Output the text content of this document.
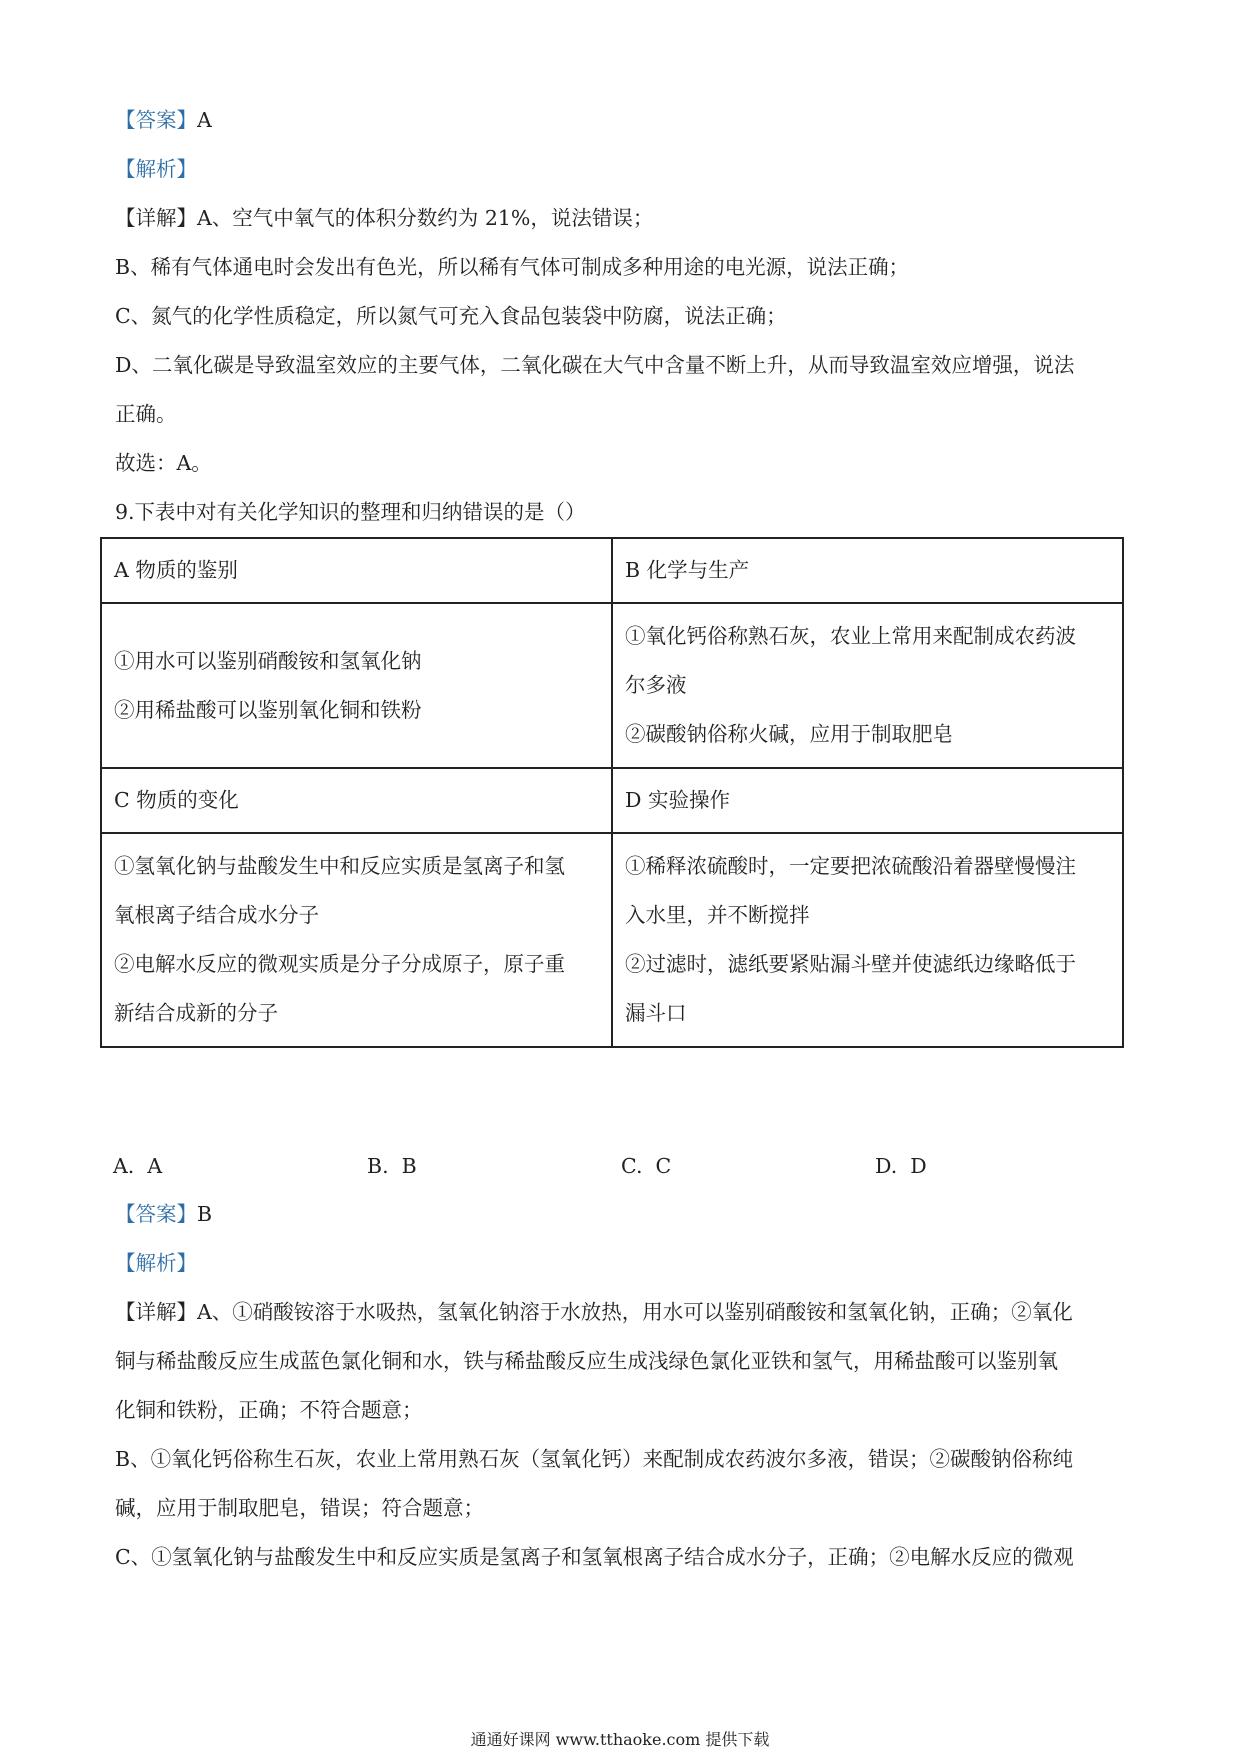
【答案】A
【解析】
【详解】A、空气中氧气的体积分数约为 21%，说法错误；
B、稀有气体通电时会发出有色光，所以稀有气体可制成多种用途的电光源，说法正确；
C、氮气的化学性质稳定，所以氮气可充入食品包装袋中防腐，说法正确；
D、二氧化碳是导致温室效应的主要气体，二氧化碳在大气中含量不断上升，从而导致温室效应增强，说法
正确。
故选：A。
9.下表中对有关化学知识的整理和归纳错误的是（）
A 物质的鉴别	B 化学与生产

①用水可以鉴别硝酸铵和氢氧化钠
②用稀盐酸可以鉴别氧化铜和铁粉	①氧化钙俗称熟石灰，农业上常用来配制成农药波
尔多液
②碳酸钠俗称火碱，应用于制取肥皂

C 物质的变化	D 实验操作

①氢氧化钠与盐酸发生中和反应实质是氢离子和氢
氧根离子结合成水分子
②电解水反应的微观实质是分子分成原子，原子重
新结合成新的分子	①稀释浓硫酸时，一定要把浓硫酸沿着器壁慢慢注
入水里，并不断搅拌
②过滤时，滤纸要紧贴漏斗壁并使滤纸边缘略低于
漏斗口
A. A	B. B	C. C	D. D
【答案】B
【解析】
【详解】A、①硝酸铵溶于水吸热，氢氧化钠溶于水放热，用水可以鉴别硝酸铵和氢氧化钠，正确；②氧化
铜与稀盐酸反应生成蓝色氯化铜和水，铁与稀盐酸反应生成浅绿色氯化亚铁和氢气，用稀盐酸可以鉴别氧
化铜和铁粉，正确；不符合题意；
B、①氧化钙俗称生石灰，农业上常用熟石灰（氢氧化钙）来配制成农药波尔多液，错误；②碳酸钠俗称纯
碱，应用于制取肥皂，错误；符合题意；
C、①氢氧化钠与盐酸发生中和反应实质是氢离子和氢氧根离子结合成水分子，正确；②电解水反应的微观
通通好课网 www.tthaoke.com 提供下载
